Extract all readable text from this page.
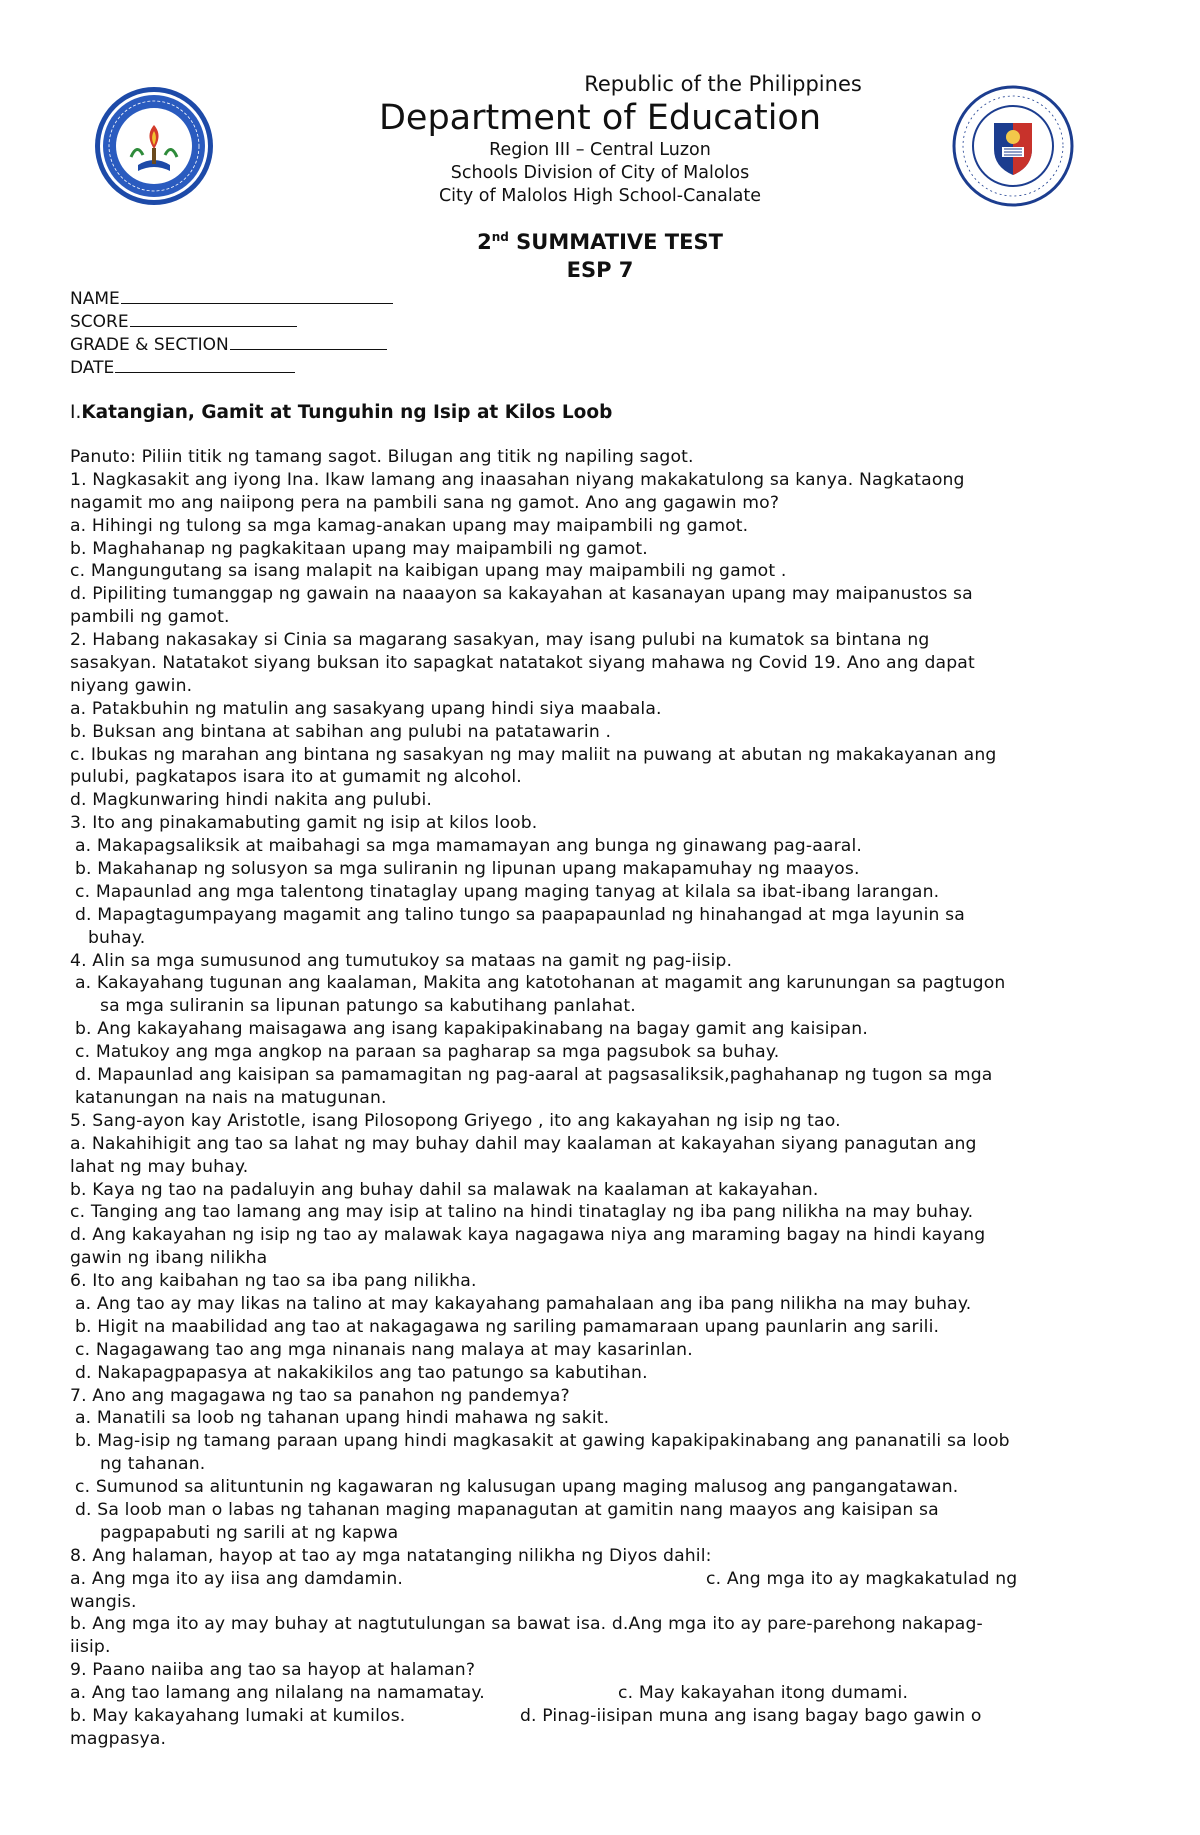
Republic of the Philippines
Department of Education
Region III – Central Luzon
Schools Division of City of Malolos
City of Malolos High School-Canalate
2nd SUMMATIVE TEST
ESP 7
NAME
SCORE
GRADE & SECTION
DATE
I.Katangian, Gamit at Tunguhin ng Isip at Kilos Loob
Panuto: Piliin titik ng tamang sagot. Bilugan ang titik ng napiling sagot.
1. Nagkasakit ang iyong Ina. Ikaw lamang ang inaasahan niyang makakatulong sa kanya. Nagkataong
nagamit mo ang naiipong pera na pambili sana ng gamot. Ano ang gagawin mo?
a. Hihingi ng tulong sa mga kamag-anakan upang may maipambili ng gamot.
b. Maghahanap ng pagkakitaan upang may maipambili ng gamot.
c. Mangungutang sa isang malapit na kaibigan upang may maipambili ng gamot .
d. Pipiliting tumanggap ng gawain na naaayon sa kakayahan at kasanayan upang may maipanustos sa
pambili ng gamot.
2. Habang nakasakay si Cinia sa magarang sasakyan, may isang pulubi na kumatok sa bintana ng
sasakyan. Natatakot siyang buksan ito sapagkat natatakot siyang mahawa ng Covid 19. Ano ang dapat
niyang gawin.
a. Patakbuhin ng matulin ang sasakyang upang hindi siya maabala.
b. Buksan ang bintana at sabihan ang pulubi na patatawarin .
c. Ibukas ng marahan ang bintana ng sasakyan ng may maliit na puwang at abutan ng makakayanan ang
pulubi, pagkatapos isara ito at gumamit ng alcohol.
d. Magkunwaring hindi nakita ang pulubi.
3. Ito ang pinakamabuting gamit ng isip at kilos loob.
a. Makapagsaliksik at maibahagi sa mga mamamayan ang bunga ng ginawang pag-aaral.
b. Makahanap ng solusyon sa mga suliranin ng lipunan upang makapamuhay ng maayos.
c. Mapaunlad ang mga talentong tinataglay upang maging tanyag at kilala sa ibat-ibang larangan.
d. Mapagtagumpayang magamit ang talino tungo sa paapapaunlad ng hinahangad at mga layunin sa
buhay.
4. Alin sa mga sumusunod ang tumutukoy sa mataas na gamit ng pag-iisip.
a. Kakayahang tugunan ang kaalaman, Makita ang katotohanan at magamit ang karunungan sa pagtugon
sa mga suliranin sa lipunan patungo sa kabutihang panlahat.
b. Ang kakayahang maisagawa ang isang kapakipakinabang na bagay gamit ang kaisipan.
c. Matukoy ang mga angkop na paraan sa pagharap sa mga pagsubok sa buhay.
d. Mapaunlad ang kaisipan sa pamamagitan ng pag-aaral at pagsasaliksik,paghahanap ng tugon sa mga
katanungan na nais na matugunan.
5. Sang-ayon kay Aristotle, isang Pilosopong Griyego , ito ang kakayahan ng isip ng tao.
a. Nakahihigit ang tao sa lahat ng may buhay dahil may kaalaman at kakayahan siyang panagutan ang
lahat ng may buhay.
b. Kaya ng tao na padaluyin ang buhay dahil sa malawak na kaalaman at kakayahan.
c. Tanging ang tao lamang ang may isip at talino na hindi tinataglay ng iba pang nilikha na may buhay.
d. Ang kakayahan ng isip ng tao ay malawak kaya nagagawa niya ang maraming bagay na hindi kayang
gawin ng ibang nilikha
6. Ito ang kaibahan ng tao sa iba pang nilikha.
a. Ang tao ay may likas na talino at may kakayahang pamahalaan ang iba pang nilikha na may buhay.
b. Higit na maabilidad ang tao at nakagagawa ng sariling pamamaraan upang paunlarin ang sarili.
c. Nagagawang tao ang mga ninanais nang malaya at may kasarinlan.
d. Nakapagpapasya at nakakikilos ang tao patungo sa kabutihan.
7. Ano ang magagawa ng tao sa panahon ng pandemya?
a. Manatili sa loob ng tahanan upang hindi mahawa ng sakit.
b. Mag-isip ng tamang paraan upang hindi magkasakit at gawing kapakipakinabang ang pananatili sa loob
ng tahanan.
c. Sumunod sa alituntunin ng kagawaran ng kalusugan upang maging malusog ang pangangatawan.
d. Sa loob man o labas ng tahanan maging mapanagutan at gamitin nang maayos ang kaisipan sa
pagpapabuti ng sarili at ng kapwa
8. Ang halaman, hayop at tao ay mga natatanging nilikha ng Diyos dahil:
a. Ang mga ito ay iisa ang damdamin.	c. Ang mga ito ay magkakatulad ng
wangis.
b. Ang mga ito ay may buhay at nagtutulungan sa bawat isa. d.Ang mga ito ay pare-parehong nakapag-
iisip.
9. Paano naiiba ang tao sa hayop at halaman?
a. Ang tao lamang ang nilalang na namamatay.	c. May kakayahan itong dumami.
b. May kakayahang lumaki at kumilos.	d. Pinag-iisipan muna ang isang bagay bago gawin o
magpasya.
